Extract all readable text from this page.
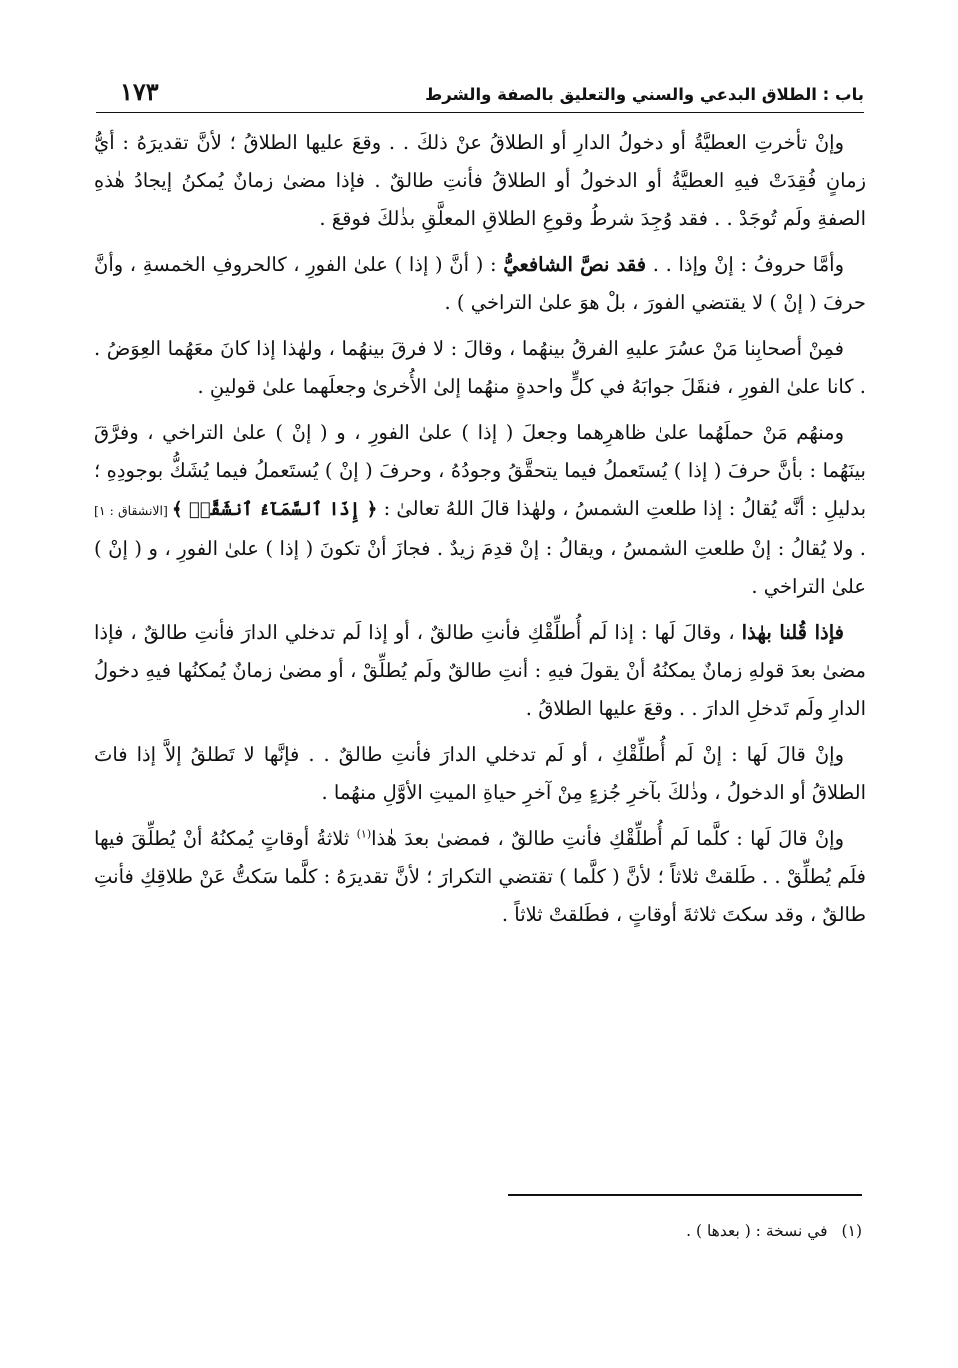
باب : الطلاق البدعي والسني والتعليق بالصفة والشرط
١٧٣

وإنْ تأخرتِ العطيَّةُ أو دخولُ الدارِ أو الطلاقُ عنْ ذلكَ . . وقعَ عليها الطلاقُ ؛ لأنَّ تقديرَهُ : أيُّ زمانٍ فُقِدَتْ فيهِ العطيَّةُ أو الدخولُ أو الطلاقُ فأنتِ طالقٌ . فإذا مضىٰ زمانٌ يُمكنُ إيجادُ هٰذهِ الصفةِ ولَم تُوجَدْ . . فقد وُجِدَ شرطُ وقوعِ الطلاقِ المعلَّقِ بذٰلكَ فوقعَ .

وأمَّا حروفُ : إنْ وإذا . . فقد نصَّ الشافعيُّ : ( أنَّ ( إذا ) علىٰ الفورِ ، كالحروفِ الخمسةِ ، وأنَّ حرفَ ( إنْ ) لا يقتضي الفورَ ، بلْ هوَ علىٰ التراخي ) .

فمِنْ أصحابِنا مَنْ عسُرَ عليهِ الفرقُ بينهُما ، وقالَ : لا فرقَ بينهُما ، ولهٰذا إذا كانَ معَهُما العِوَضُ . . كانا علىٰ الفورِ ، فنقَلَ جوابَهُ في كلٍّ واحدةٍ منهُما إلىٰ الأُخرىٰ وجعلَهما علىٰ قولينِ .

ومنهُم مَنْ حملَهُما علىٰ ظاهرِهما وجعلَ ( إذا ) علىٰ الفورِ ، و ( إنْ ) علىٰ التراخي ، وفرَّقَ بينَهُما : بأنَّ حرفَ ( إذا ) يُستَعملُ فيما يتحقَّقُ وجودُهُ ، وحرفَ ( إنْ ) يُستَعملُ فيما يُشَكُّ بوجودِهِ ؛ بدليلِ : أنَّه يُقالُ : إذا طلعتِ الشمسُ ، ولهٰذا قالَ اللهُ تعالىٰ : ﴿ إِذَا ٱلسَّمَآءُ ٱنشَقَّتۡ ﴾ [الانشقاق : ١] . ولا يُقالُ : إنْ طلعتِ الشمسُ ، ويقالُ : إنْ قدِمَ زيدٌ . فجازَ أنْ تكونَ ( إذا ) علىٰ الفورِ ، و ( إنْ ) علىٰ التراخي .

فإذا قُلنا بهٰذا ، وقالَ لَها : إذا لَم أُطلِّقْكِ فأنتِ طالقٌ ، أو إذا لَم تدخلي الدارَ فأنتِ طالقٌ ، فإذا مضىٰ بعدَ قولهِ زمانٌ يمكنُهُ أنْ يقولَ فيهِ : أنتِ طالقٌ ولَم يُطلِّقْ ، أو مضىٰ زمانٌ يُمكنُها فيهِ دخولُ الدارِ ولَم تَدخلِ الدارَ . . وقعَ عليها الطلاقُ .

وإنْ قالَ لَها : إنْ لَم أُطلِّقْكِ ، أو لَم تدخلي الدارَ فأنتِ طالقٌ . . فإنَّها لا تَطلقُ إلاَّ إذا فاتَ الطلاقُ أو الدخولُ ، وذٰلكَ بآخرِ جُزءٍ مِنْ آخرِ حياةِ الميتِ الأوَّلِ منهُما .

وإنْ قالَ لَها : كلَّما لَم أُطلِّقْكِ فأنتِ طالقٌ ، فمضىٰ بعدَ هٰذا$^{(١)}$ ثلاثةُ أوقاتٍ يُمكنُهُ أنْ يُطلِّقَ فيها فلَم يُطلِّقْ . . طَلقتْ ثلاثاً ؛ لأنَّ ( كلَّما ) تقتضي التكرارَ ؛ لأنَّ تقديرَهُ : كلَّما سَكتُّ عَنْ طلاقِكِ فأنتِ طالقٌ ، وقد سكتَ ثلاثةَ أوقاتٍ ، فطَلقتْ ثلاثاً .

(١)في نسخة : ( بعدها ) .
